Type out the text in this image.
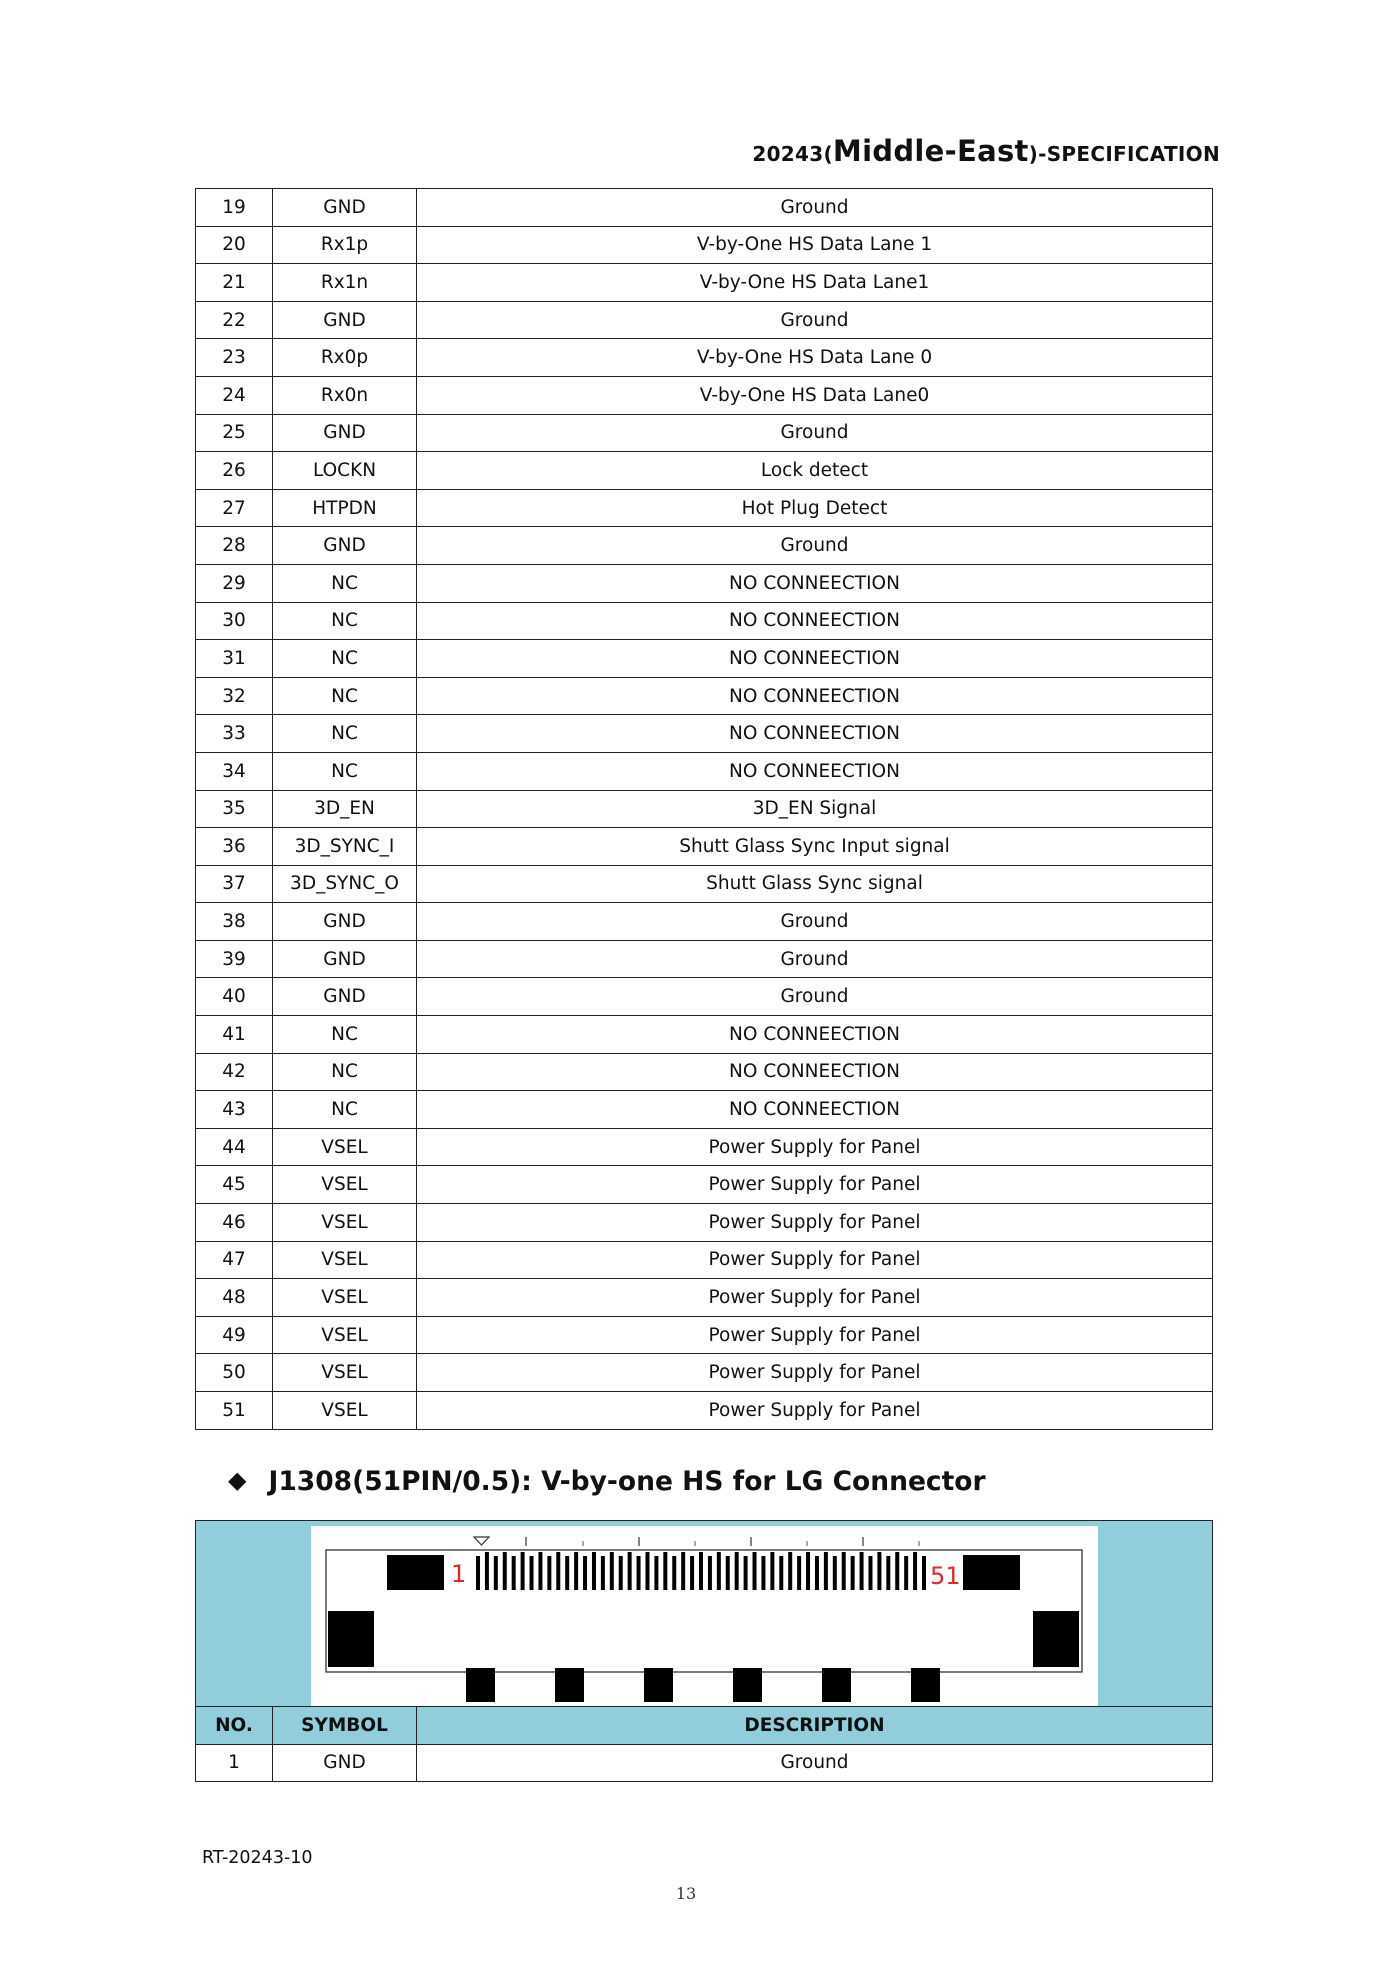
20243(Middle-East)-SPECIFICATION
19	GND	Ground
20	Rx1p	V-by-One HS Data Lane 1
21	Rx1n	V-by-One HS Data Lane1
22	GND	Ground
23	Rx0p	V-by-One HS Data Lane 0
24	Rx0n	V-by-One HS Data Lane0
25	GND	Ground
26	LOCKN	Lock detect
27	HTPDN	Hot Plug Detect
28	GND	Ground
29	NC	NO CONNEECTION
30	NC	NO CONNEECTION
31	NC	NO CONNEECTION
32	NC	NO CONNEECTION
33	NC	NO CONNEECTION
34	NC	NO CONNEECTION
35	3D_EN	3D_EN Signal
36	3D_SYNC_I	Shutt Glass Sync Input signal
37	3D_SYNC_O	Shutt Glass Sync signal
38	GND	Ground
39	GND	Ground
40	GND	Ground
41	NC	NO CONNEECTION
42	NC	NO CONNEECTION
43	NC	NO CONNEECTION
44	VSEL	Power Supply for Panel
45	VSEL	Power Supply for Panel
46	VSEL	Power Supply for Panel
47	VSEL	Power Supply for Panel
48	VSEL	Power Supply for Panel
49	VSEL	Power Supply for Panel
50	VSEL	Power Supply for Panel
51	VSEL	Power Supply for Panel
◆ J1308(51PIN/0.5): V-by-one HS for LG Connector
1	51
NO.	SYMBOL	DESCRIPTION
1	GND	Ground
RT-20243-10
13
